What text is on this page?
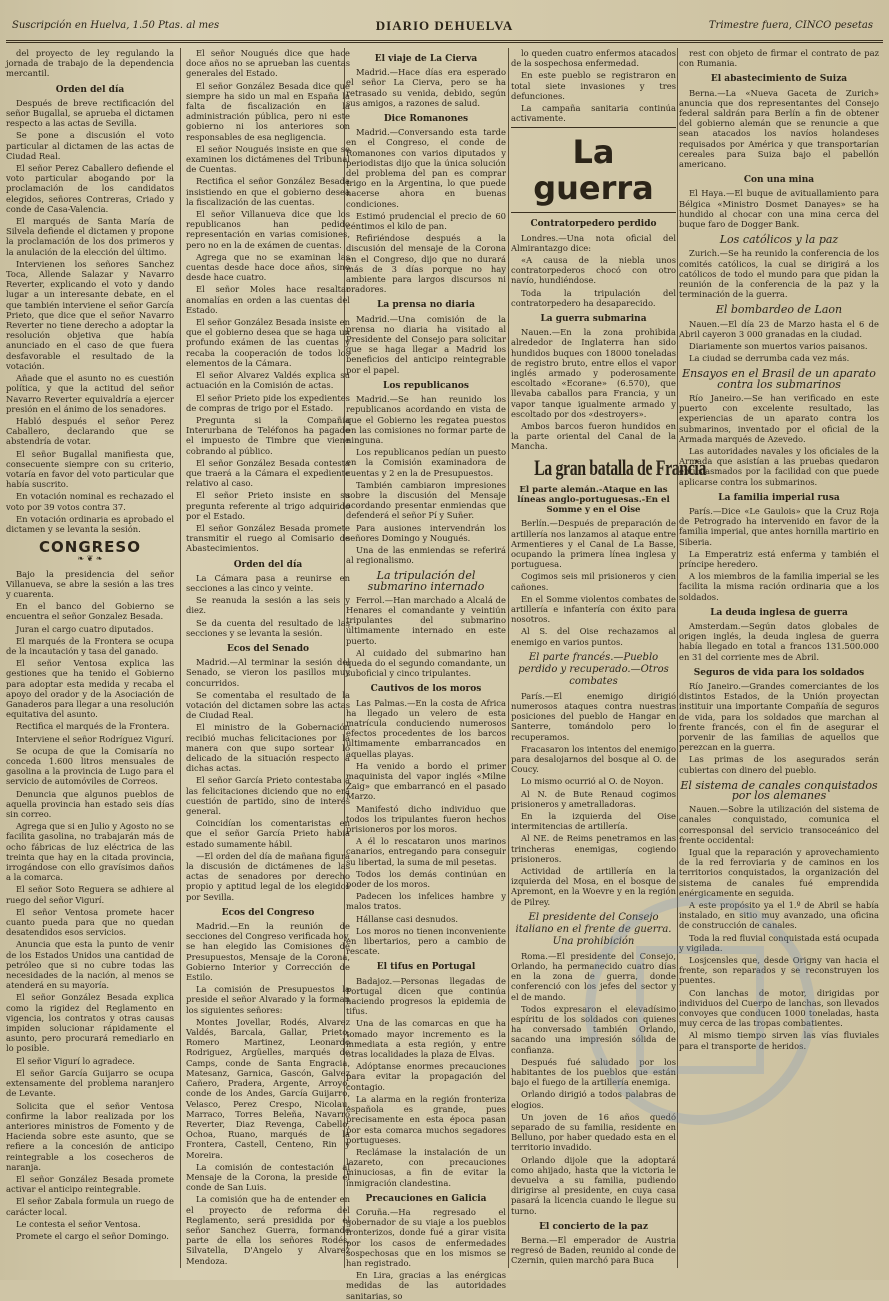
Suscripción en Huelva, 1.50 Ptas. al mes	DIARIO DEHUELVA	Trimestre fuera, CINCO pesetas

del proyecto de ley regulando la jornada de trabajo de la dependencia mercantil.

Orden del día

Después de breve rectificación del señor Bugallal, se aprueba el dictamen respecto a las actas de Sevilla.

Se pone a discusión el voto particular al dictamen de las actas de Ciudad Real.

El señor Perez Caballero defiende el voto particular abogando por la proclamación de los candidatos elegidos, señores Contreras, Criado y conde de Casa-Valencia.

El marqués de Santa María de Silvela defiende el dictamen y propone la proclamación de los dos primeros y la anulación de la elección del último.

Intervienen los señores Sanchez Toca, Allende Salazar y Navarro Reverter, explicando el voto y dando lugar a un interesante debate, en el que también interviene el señor García Prieto, que dice que el señor Navarro Reverter no tiene derecho a adoptar la resolución objetiva que había anunciado en el caso de que fuera desfavorable el resultado de la votación.

Añade que el asunto no es cuestión política, y que la actitud del señor Navarro Reverter equivaldría a ejercer presión en el ánimo de los senadores.

Habló después el señor Perez Caballero, declarando que se abstendría de votar.

El señor Bugallal manifiesta que, consecuente siempre con su criterio, votaría en favor del voto particular que había suscrito.

En votación nominal es rechazado el voto por 39 votos contra 37.

En votación ordinaria es aprobado el dictamen y se levanta la sesión.

CONGRESO
❧ ❦ ❧

Bajo la presidencia del señor Villanueva, se abre la sesión a las tres y cuarenta.

En el banco del Gobierno se encuentra el señor Gonzalez Besada.

Juran el cargo cuatro diputados.

El marqués de la Frontera se ocupa de la incautación y tasa del ganado.

El señor Ventosa explica las gestiones que ha tenido el Gobierno para adoptar esta medida y recaba el apoyo del orador y de la Asociación de Ganaderos para llegar a una resolución equitativa del asunto.

Rectifica el marqués de la Frontera.

Interviene el señor Rodríguez Vigurí.

Se ocupa de que la Comisaría no conceda 1.600 litros mensuales de gasolina a la provincia de Lugo para el servicio de automóviles de Correos.

Denuncia que algunos pueblos de aquella provincia han estado seis días sin correo.

Agrega que si en Julio y Agosto no se facilita gasolina, no trabajarán más de ocho fábricas de luz eléctrica de las treinta que hay en la citada provincia, irrogándose con ello gravísimos daños a la comarca.

El señor Soto Reguera se adhiere al ruego del señor Vigurí.

El señor Ventosa promete hacer cuanto pueda para que no quedan desatendidos esos servicios.

Anuncia que esta la punto de venir de los Estados Unidos una cantidad de petróleo que si no cubre todas las necesidades de la nación, al menos se atenderá en su mayoría.

El señor González Besada explica como la rigidez del Reglamento en vigencia, los contratos y otras causas impiden solucionar rápidamente el asunto, pero procurará remediarlo en lo posible.

El señor Vigurí lo agradece.

El señor García Guijarro se ocupa extensamente del problema naranjero de Levante.

Solicita que el señor Ventosa confirme la labor realizada por los anteriores ministros de Fomento y de Hacienda sobre este asunto, que se refiere a la concesión de anticipo reintegrable a los cosecheros de naranja.

El señor González Besada promete activar el anticipo reintegrable.

El señor Zabala formula un ruego de carácter local.

Le contesta el señor Ventosa.

Promete el cargo el señor Domingo.

El señor Nougués dice que hace doce años no se aprueban las cuentas generales del Estado.

El señor González Besada dice que siempre ha sido un mal en España la falta de fiscalización en la administración pública, pero ni este gobierno ni los anteriores son responsables de esa negligencia.

El señor Nougués insiste en que se examinen los dictámenes del Tribunal de Cuentas.

Rectifica el señor González Besada insistiendo en que el gobierno desea la fiscalización de las cuentas.

El señor Villanueva dice que los republicanos han pedido representación en varias comisiones, pero no en la de exámen de cuentas.

Agrega que no se examinan las cuentas desde hace doce años, sino desde hace cuatro.

El señor Moles hace resaltar anomalías en orden a las cuentas del Estado.

El señor González Besada insiste en que el gobierno desea que se haga un profundo exámen de las cuentas y recaba la cooperación de todos los elementos de la Cámara.

El señor Alvarez Valdés explica su actuación en la Comisión de actas.

El señor Prieto pide los expedientes de compras de trigo por el Estado.

Pregunta si la Compañía Interurbana de Teléfonos ha pagado el impuesto de Timbre que viene cobrando al público.

El señor González Besada contesta que traerá a la Cámara el expediente relativo al caso.

El señor Prieto insiste en su pregunta referente al trigo adquirido por el Estado.

El señor González Besada promete transmitir el ruego al Comisario de Abastecimientos.

Orden del día

La Cámara pasa a reunirse en secciones a las cinco y veinte.

Se reanuda la sesión a las seis y diez.

Se da cuenta del resultado de las secciones y se levanta la sesión.

Ecos del Senado

Madrid.—Al terminar la sesión del Senado, se vieron los pasillos muy concurridos.

Se comentaba el resultado de la votación del dictamen sobre las actas de Ciudad Real.

El ministro de la Gobernación recibió muchas felicitaciones por la manera con que supo sortear lo delicado de la situación respecto a dichas actas.

El señor García Prieto contestaba a las felicitaciones diciendo que no era cuestión de partido, sino de interés general.

Coincidían los comentaristas en que el señor García Prieto había estado sumamente hábil.

—El orden del día de mañana figura la discusión de dictámenes de las actas de senadores por derecho propio y aptitud legal de los elegidos por Sevilla.

Ecos del Congreso

Madrid.—En la reunión de secciones del Congreso verificada hoy, se han elegido las Comisiones de Presupuestos, Mensaje de la Corona, Gobierno Interior y Corrección de Estilo.

La comisión de Presupuestos la preside el señor Alvarado y la forman los siguientes señores:

Montes Jovellar, Rodés, Alvarez Valdés, Barcala, Gallar, Prieto, Romero Martinez, Leonardo Rodriguez, Argüelles, marqués de Camps, conde de Santa Engracia, Matesanz, Garnica, Gascón, Galvez Cañero, Pradera, Argente, Arroyo, conde de los Andes, García Guijarro, Velasco, Perez Crespo, Nicolau, Marraco, Torres Beleña, Navarro Reverter, Diaz Revenga, Cabello, Ochoa, Ruano, marqués de la Frontera, Castell, Centeno, Rin y Moreira.

La comisión de contestación al Mensaje de la Corona, la preside el conde de San Luis.

La comisión que ha de entender en el proyecto de reforma del Reglamento, será presidida por el señor Sanchez Guerra, formando parte de ella los señores Rodés, Silvatella, D'Angelo y Alvarez Mendoza.

El viaje de La Cierva

Madrid.—Hace días era esperado el señor La Cierva, pero se ha retrasado su venida, debido, según sus amigos, a razones de salud.

Dice Romanones

Madrid.—Conversando esta tarde en el Congreso, el conde de Romanones con varios diputados y periodistas dijo que la única solución del problema del pan es comprar trigo en la Argentina, lo que puede hacerse ahora en buenas condiciones.

Estimó prudencial el precio de 60 céntimos el kilo de pan.

Refiriéndose después a la discusión del mensaje de la Corona en el Congreso, dijo que no durará más de 3 días porque no hay ambiente para largos discursos ni oradores.

La prensa no diaria

Madrid.—Una comisión de la prensa no diaria ha visitado al Presidente del Consejo para solicitar que se haga llegar a Madrid los beneficios del anticipo reintegrable por el papel.

Los republicanos

Madrid.—Se han reunido los republicanos acordando en vista de que el Gobierno les regatea puestos en las comisiones no formar parte de ninguna.

Los republicanos pedían un puesto en la Comisión examinadora de cuentas y 2 en la de Presupuestos.

También cambiaron impresiones sobre la discusión del Mensaje acordando presentar enmiendas que defenderá el señor Pí y Suñer.

Para ausiones intervendrán los señores Domingo y Nougués.

Una de las enmiendas se referirá al regionalismo.

La tripulación del submarino internado

Ferrol.—Han marchado a Alcalá de Henares el comandante y veintiún tripulantes del submarino últimamente internado en este puerto.

Al cuidado del submarino han queda do el segundo comandante, un suboficial y cinco tripulantes.

Cautivos de los moros

Las Palmas.—En la costa de Africa ha llegado un velero de esta matrícula conduciendo numerosos efectos procedentes de los barcos últimamente embarrancados en aquellas playas.

Ha venido a bordo el primer maquinista del vapor inglés «Milne Zaig» que embarrancó en el pasado Marzo.

Manifestó dicho individuo que todos los tripulantes fueron hechos prisioneros por los moros.

A él lo rescataron unos marinos canarios, entregando para conseguir su libertad, la suma de mil pesetas.

Todos los demás continúan en poder de los moros.

Padecen los infelices hambre y malos tratos.

Hállanse casi desnudos.

Los moros no tienen inconveniente en libertarios, pero a cambio de rescate.

El tifus en Portugal

Badajoz.—Personas llegadas de Portugal dicen que continúa haciendo progresos la epidemia de tifus.

Una de las comarcas en que ha tomado mayor incremento es la inmediata a esta región, y entre otras localidades la plaza de Elvas.

Adóptanse enormes precauciones para evitar la propagación del contagio.

La alarma en la región fronteriza española es grande, pues precisamente en esta época pasan por esta comarca muchos segadores portugueses.

Reclámase la instalación de un lazareto, con precauciones minuciosas, a fin de evitar la inmigración clandestina.

Precauciones en Galicia

Coruña.—Ha regresado el gobernador de su viaje a los pueblos fronterizos, donde fué a girar visita por los casos de enfermedades sospechosas que en los mismos se han registrado.

En Lira, gracias a las enérgicas medidas de las autoridades sanitarias, so

lo queden cuatro enfermos atacados de la sospechosa enfermedad.

En este pueblo se registraron en total siete invasiones y tres defunciones.

La campaña sanitaria continúa activamente.

La guerra
Contratorpedero perdido

Londres.—Una nota oficial del Almirantazgo dice:

«A causa de la niebla unos contratorpederos chocó con otro navío, hundiéndose.

Toda la tripulación del contratorpedero ha desaparecido.

La guerra submarina

Nauen.—En la zona prohibida alrededor de Inglaterra han sido hundidos buques con 18000 toneladas de registro bruto, entre ellos el vapor inglés armado y poderosamente escoltado «Ecorane» (6.570), que llevaba caballos para Francia, y un vapor tanque igualmente armado y escoltado por dos «destroyers».

Ambos barcos fueron hundidos en la parte oriental del Canal de la Mancha.

La gran batalla de Francia
El parte alemán.-Ataque en las líneas anglo-portuguesas.-En el Somme y en el Oise

Berlín.—Después de preparación de artillería nos lanzamos al ataque entre Armentieres y el Canal de La Basse, ocupando la primera línea inglesa y portuguesa.

Cogimos seis mil prisioneros y cien cañones.

En el Somme violentos combates de artillería e infantería con éxito para nosotros.

Al S. del Oise rechazamos al enemigo en varios puntos.

El parte francés.—Pueblo perdido y recuperado.—Otros combates

París.—El enemigo dirigió numerosos ataques contra nuestras posiciones del pueblo de Hangar en Santerre, tomándolo pero lo recuperamos.

Fracasaron los intentos del enemigo para desalojarnos del bosque al O. de Coucy.

Lo mismo ocurrió al O. de Noyon.

Al N. de Bute Renaud cogimos prisioneros y ametralladoras.

En la izquierda del Oise intermitencias de artillería.

Al NE. de Reims penetramos en las trincheras enemigas, cogiendo prisioneros.

Actividad de artillería en la izquierda del Mosa, en el bosque de Apremont, en la Woevre y en la región de Pilrey.

El presidente del Consejo italiano en el frente de guerra. Una prohibición

Roma.—El presidente del Consejo, Orlando, ha permanecido cuatro días en la zona de guerra, donde conferenció con los jefes del sector y el de mando.

Todos expresaron el elevadísimo espíritu de los soldados con quienes ha conversado también Orlando, sacando una impresión sólida de confianza.

Después fué saludado por los habitantes de los pueblos que están bajo el fuego de la artillería enemiga.

Orlando dirigió a todos palabras de elogios.

Un joven de 16 años quedó separado de su familia, residente en Belluno, por haber quedado esta en el territorio invadido.

Orlando dijole que la adoptará como ahijado, hasta que la victoria le devuelva a su familia, pudiendo dirigirse al presidente, en cuya casa pasará la licencia cuando le llegue su turno.

El concierto de la paz

Berna.—El emperador de Austria regresó de Baden, reunido al conde de Czernin, quien marchó para Buca

rest con objeto de firmar el contrato de paz con Rumania.

El abastecimiento de Suiza

Berna.—La «Nueva Gaceta de Zurich» anuncia que dos representantes del Consejo federal saldrán para Berlín a fin de obtener del gobierno alemán que se renuncie a que sean atacados los navíos holandeses requisados por América y que transportarían cereales para Suiza bajo el pabellón americano.

Con una mina

El Haya.—El buque de avituallamiento para Bélgica «Ministro Dosmet Danayes» se ha hundido al chocar con una mina cerca del buque faro de Dogger Bank.

Los católicos y la paz

Zurich.—Se ha reunido la conferencia de los comités católicos, la cual se dirigirá a los católicos de todo el mundo para que pidan la reunión de la conferencia de la paz y la terminación de la guerra.

El bombardeo de Laon

Nauen.—El día 23 de Marzo hasta el 6 de Abril cayeron 3 000 granadas en la ciudad.

Diariamente son muertos varios paisanos.

La ciudad se derrumba cada vez más.

Ensayos en el Brasil de un aparato contra los submarinos

Río Janeiro.—Se han verificado en este puerto con excelente resultado, las experiencias de un aparato contra los submarinos, inventado por el oficial de la Armada marqués de Azevedo.

Las autoridades navales y los oficiales de la Armada que asistían a las pruebas quedaron entusiasmados por la facilidad con que puede aplicarse contra los submarinos.

La familia imperial rusa

París.—Dice «Le Gaulois» que la Cruz Roja de Petrogrado ha intervenido en favor de la familia imperial, que antes hornilla martirio en Siberia.

La Emperatriz está enferma y también el príncipe heredero.

A los miembros de la familia imperial se les facilita la misma ración ordinaria que a los soldados.

La deuda inglesa de guerra

Amsterdam.—Según datos globales de origen inglés, la deuda inglesa de guerra había llegado en total a francos 131.500.000 en 31 del corriente mes de Abril.

Seguros de vida para los soldados

Río Janeiro.—Grandes comerciantes de los distintos Estados, de la Unión proyectan instituir una importante Compañía de seguros de vida, para los soldados que marchan al frente francés, con el fin de asegurar el porvenir de las familias de aquellos que perezcan en la guerra.

Las primas de los asegurados serán cubiertas con dinero del pueblo.

El sistema de canales conquistados por los alemanes

Nauen.—Sobre la utilización del sistema de canales conquistado, comunica el corresponsal del servicio transoceánico del frente occidental:

Igual que la reparación y aprovechamiento de la red ferroviaria y de caminos en los territorios conquistados, la organización del sistema de canales fué emprendida enérgicamente en seguida.

A este propósito ya el 1.º de Abril se había instalado, en sitio muy avanzado, una oficina de construcción de canales.

Toda la red fluvial conquistada está ocupada y vigilada.

Losjcensles que, desde Origny van hacia el frente, son reparados y se reconstruyen los puentes.

Con lanchas de motor, dirigidas por individuos del Cuerpo de lanchas, son llevados convoyes que conducen 1000 toneladas, hasta muy cerca de las tropas combatientes.

Al mismo tiempo sirven las vías fluviales para el transporte de heridos.
